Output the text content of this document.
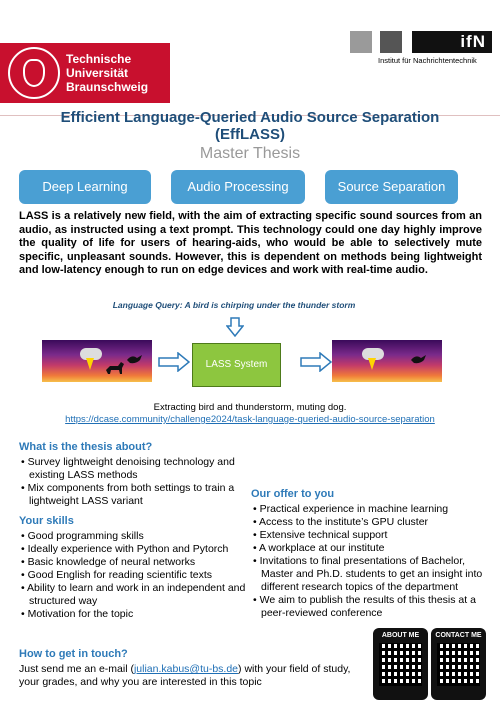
Technische
Universität
Braunschweig
ifN
Institut für Nachrichtentechnik
Efficient Language-Queried Audio Source Separation
(EffLASS)
Master Thesis
Deep Learning	Audio Processing	Source Separation
LASS is a relatively new field, with the aim of extracting specific sound sources from an audio, as instructed using a text prompt. This technology could one day highly improve the quality of life for users of hearing-aids, who would be able to selectively mute specific, unpleasant sounds. However, this is dependent on methods being lightweight and low-latency enough to run on edge devices and work with real-time audio.
Language Query: A bird is chirping under the thunder storm
LASS System
Extracting bird and thunderstorm, muting dog.
https://dcase.community/challenge2024/task-language-queried-audio-source-separation
What is the thesis about?
• Survey lightweight denoising technology and existing LASS methods
• Mix components from both settings to train a lightweight LASS variant
Your skills
• Good programming skills
• Ideally experience with Python and Pytorch
• Basic knowledge of neural networks
• Good English for reading scientific texts
• Ability to learn and work in an independent and structured way
• Motivation for the topic
Our offer to you
• Practical experience in machine learning
• Access to the institute’s GPU cluster
• Extensive technical support
• A workplace at our institute
• Invitations to final presentations of Bachelor, Master and Ph.D. students to get an insight into different research topics of the department
• We aim to publish the results of this thesis at a peer-reviewed conference
How to get in touch?
Just send me an e-mail (julian.kabus@tu-bs.de) with your field of study, your grades, and why you are interested in this topic
ABOUT ME	CONTACT ME
